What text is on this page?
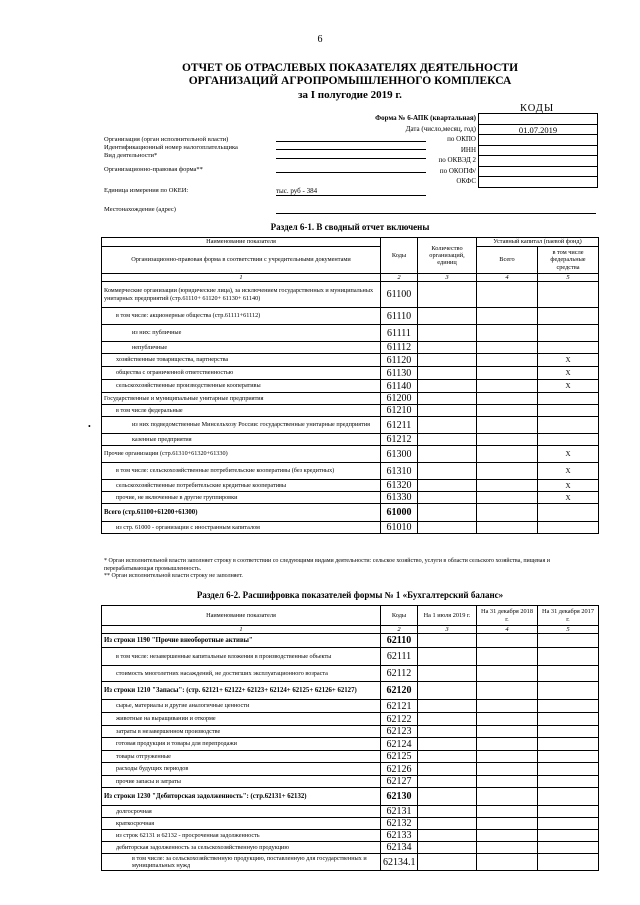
6
ОТЧЕТ ОБ ОТРАСЛЕВЫХ ПОКАЗАТЕЛЯХ ДЕЯТЕЛЬНОСТИ
ОРГАНИЗАЦИЙ АГРОПРОМЫШЛЕННОГО КОМПЛЕКСА
за I полугодие 2019 г.
КОДЫ
Форма № 6-АПК (квартальная)
Дата (число,месяц, год)
по ОКПО
ИНН
по ОКВЭД 2
по ОКОПФ/
ОКФС
01.07.2019
Организация (орган исполнительной власти)
Идентификационный номер налогоплательщика
Вид деятельности*
Организационно-правовая форма**
Единица измерения по ОКЕИ:	тыс. руб - 384
Местонахождение (адрес)
Раздел 6-1. В сводный отчет включены
Наименование показателя	Коды	Количество организаций, единиц	Уставный капитал (паевой фонд)	
Организационно-правовая форма в соответствии с учредительными документами			Всего	в том числе федеральные средства

1	2	3	4	5
Коммерческие организации (юридические лица), за исключением государственных и муниципальных унитарных предприятий (стр.61110+ 61120+ 61130+ 61140)	61100			
в том числе: акционерные общества (стр.61111+61112)	61110			
из них: публичные	61111			
непубличные	61112			
хозяйственные товарищества, партнерства	61120			X
общества с ограниченной ответственностью	61130			X
сельскохозяйственные производственные кооперативы	61140			X
Государственные и муниципальные унитарные предприятия	61200			
в том числе федеральные	61210			
из них подведомственные Минсельхозу России: государственные унитарные предприятия	61211			
казенные предприятия	61212			
Прочие организации (стр.61310+61320+61330)	61300			X
в том числе: сельскохозяйственные потребительские кооперативы (без кредитных)	61310			X
сельскохозяйственные потребительские кредитные кооперативы	61320			X
прочие, не включенные в другие группировки	61330			X
Всего (стр.61100+61200+61300)	61000			
из стр. 61000 - организации с иностранным капиталом	61010			
•
* Орган исполнительной власти заполняет строку в соответствии со следующими видами деятельности: сельское хозяйство, услуги в области сельского хозяйства, пищевая и перерабатывающая промышленность.
** Орган исполнительной власти строку не заполняет.
Раздел 6-2. Расшифровка показателей формы № 1 «Бухгалтерский баланс»
Наименование показателя	Коды	На 1 июля 2019 г.	На 31 декабря 2018 г.	На 31 декабря 2017 г.
1	2	3	4	5
Из строки 1190 "Прочие внеоборотные активы"	62110			
в том числе: незавершенные капитальные вложения в производственные объекты	62111			
стоимость многолетних насаждений, не достигших эксплуатационного возраста	62112			
Из строки 1210 "Запасы": (стр. 62121+ 62122+ 62123+ 62124+ 62125+ 62126+ 62127)	62120			
сырье, материалы и другие аналогичные ценности	62121			
животные на выращивании и откорме	62122			
затраты в незавершенном производстве	62123			
готовая продукция и товары для перепродажи	62124			
товары отгруженные	62125			
расходы будущих периодов	62126			
прочие запасы и затраты	62127			
Из строки 1230 "Дебиторская задолженность": (стр.62131+ 62132)	62130			
долгосрочная	62131			
краткосрочная	62132			
из строк 62131 и 62132 - просроченная задолженность	62133			
дебиторская задолженность за сельскохозяйственную продукцию	62134			
в том числе: за сельскохозяйственную продукцию, поставленную для государственных и муниципальных нужд	62134.1			
